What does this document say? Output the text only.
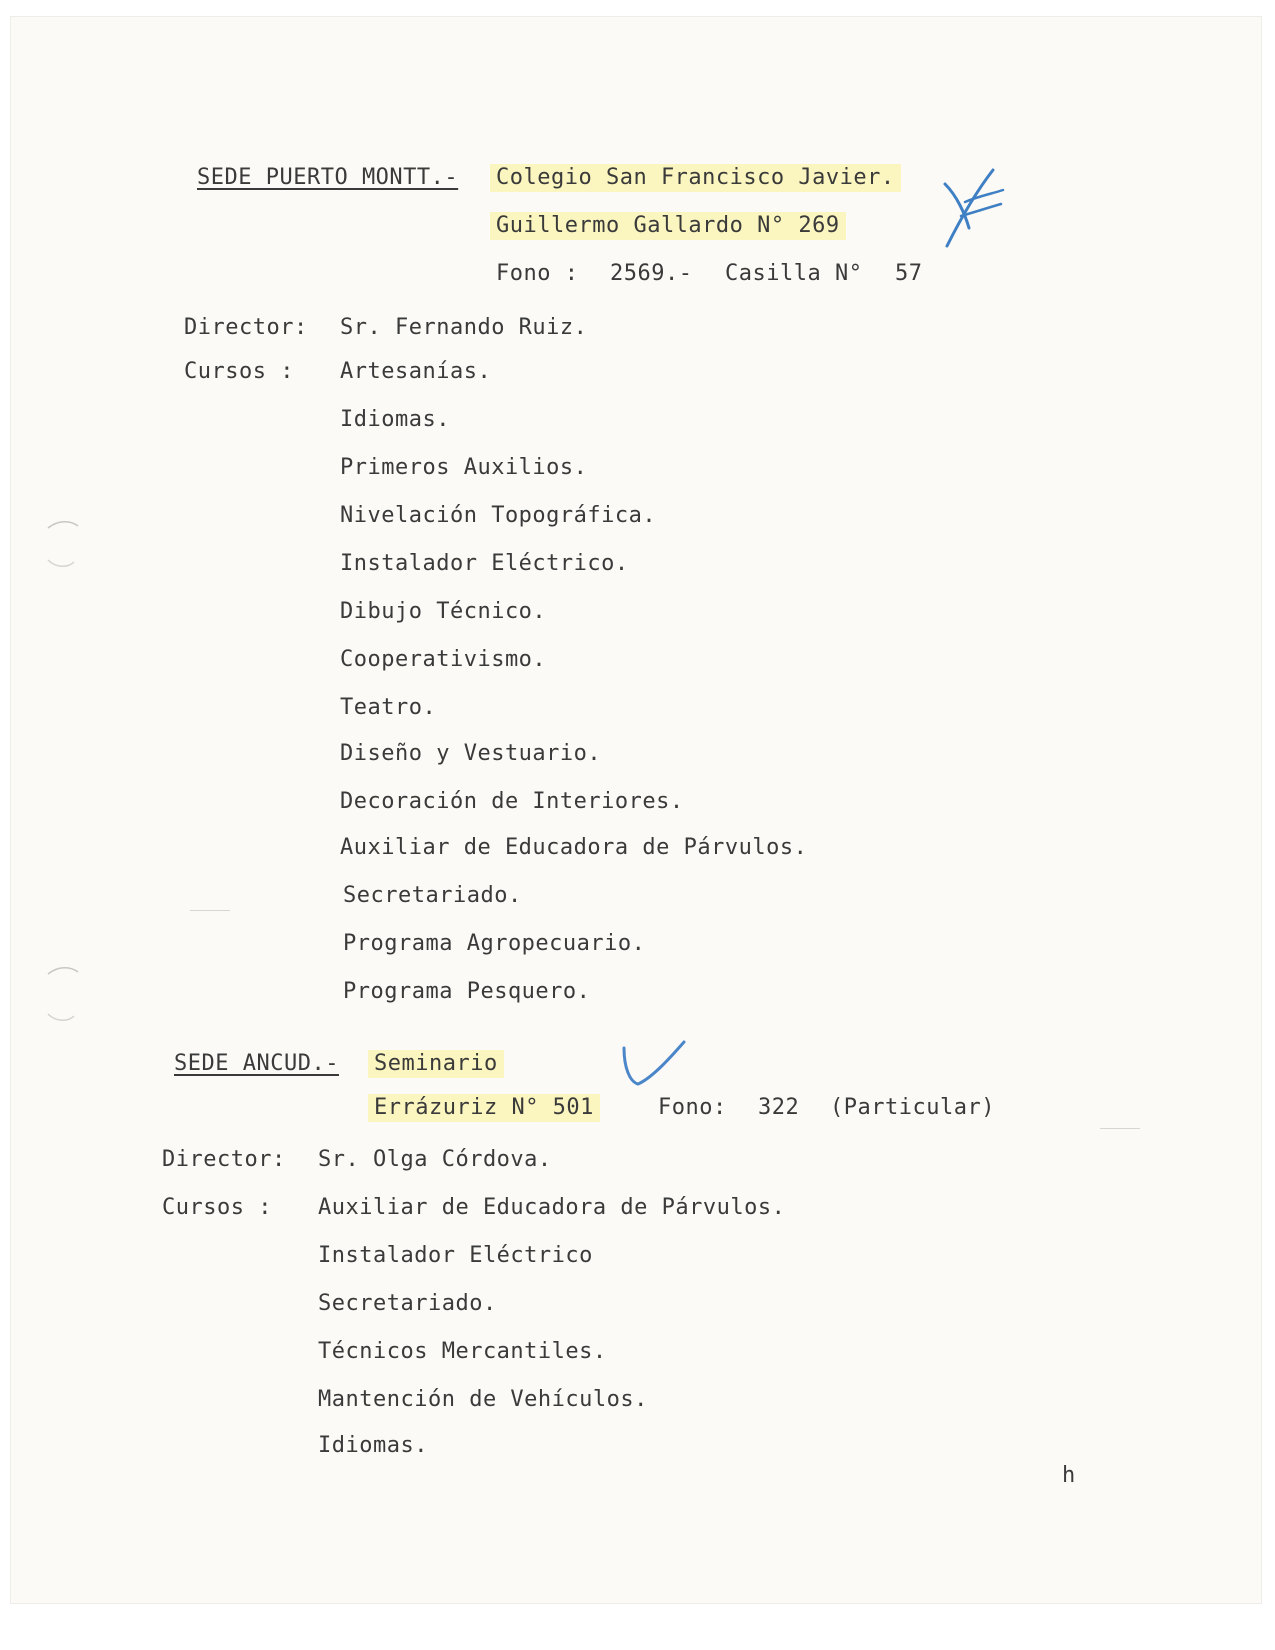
SEDE PUERTO MONTT.- Colegio San Francisco Javier.
Guillermo Gallardo N° 269
Fono : 2569.- Casilla N° 57
Director: Sr. Fernando Ruiz.
Cursos : Artesanías.
Idiomas.
Primeros Auxilios.
Nivelación Topográfica.
Instalador Eléctrico.
Dibujo Técnico.
Cooperativismo.
Teatro.
Diseño y Vestuario.
Decoración de Interiores.
Auxiliar de Educadora de Párvulos.
Secretariado.
Programa Agropecuario.
Programa Pesquero.
SEDE ANCUD.- Seminario
Errázuriz N° 501	Fono: 322 (Particular)
Director: Sr. Olga Córdova.
Cursos : Auxiliar de Educadora de Párvulos.
Instalador Eléctrico
Secretariado.
Técnicos Mercantiles.
Mantención de Vehículos.
Idiomas.
h
